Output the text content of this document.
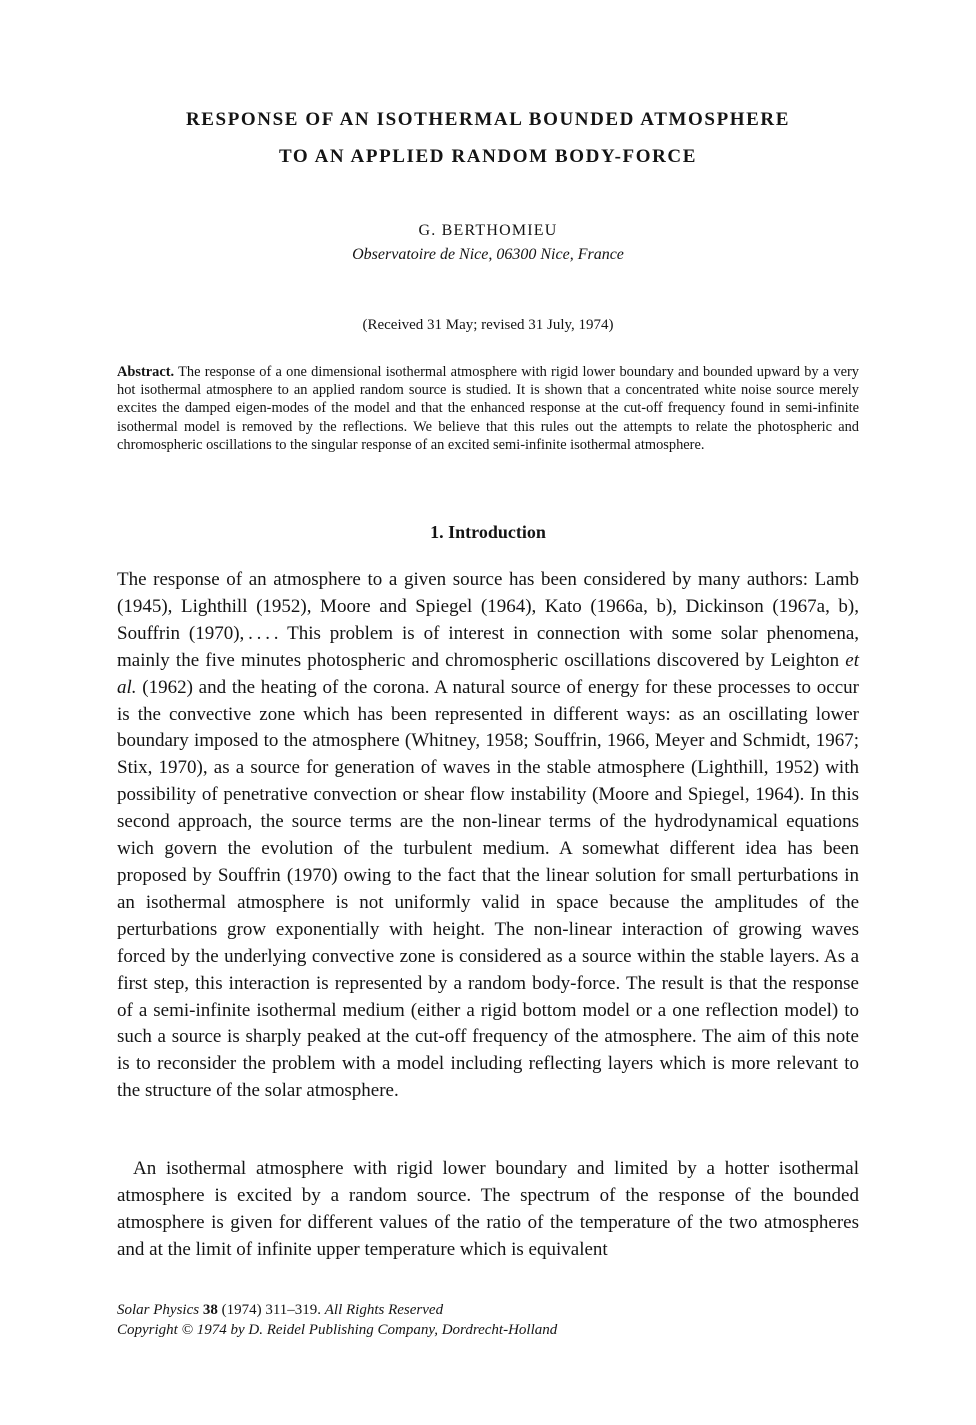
RESPONSE OF AN ISOTHERMAL BOUNDED ATMOSPHERE
TO AN APPLIED RANDOM BODY-FORCE

G. BERTHOMIEU

Observatoire de Nice, 06300 Nice, France

(Received 31 May; revised 31 July, 1974)

Abstract. The response of a one dimensional isothermal atmosphere with rigid lower boundary and bounded upward by a very hot isothermal atmosphere to an applied random source is studied. It is shown that a concentrated white noise source merely excites the damped eigen-modes of the model and that the enhanced response at the cut-off frequency found in semi-infinite isothermal model is removed by the reflections. We believe that this rules out the attempts to relate the photospheric and chromospheric oscillations to the singular response of an excited semi-infinite isothermal atmosphere.

1. Introduction

The response of an atmosphere to a given source has been considered by many authors: Lamb (1945), Lighthill (1952), Moore and Spiegel (1964), Kato (1966a, b), Dickinson (1967a, b), Souffrin (1970), . . . . This problem is of interest in connection with some solar phenomena, mainly the five minutes photospheric and chromospheric oscillations discovered by Leighton et al. (1962) and the heating of the corona. A natural source of energy for these processes to occur is the convective zone which has been represented in different ways: as an oscillating lower boundary imposed to the atmosphere (Whitney, 1958; Souffrin, 1966, Meyer and Schmidt, 1967; Stix, 1970), as a source for generation of waves in the stable atmosphere (Lighthill, 1952) with possibility of penetrative convection or shear flow instability (Moore and Spiegel, 1964). In this second approach, the source terms are the non-linear terms of the hydrodynamical equations wich govern the evolution of the turbulent medium. A somewhat different idea has been proposed by Souffrin (1970) owing to the fact that the linear solution for small perturbations in an isothermal atmosphere is not uniformly valid in space because the amplitudes of the perturbations grow exponentially with height. The non-linear interaction of growing waves forced by the underlying convective zone is considered as a source within the stable layers. As a first step, this interaction is represented by a random body-force. The result is that the response of a semi-infinite isothermal medium (either a rigid bottom model or a one reflection model) to such a source is sharply peaked at the cut-off frequency of the atmosphere. The aim of this note is to reconsider the problem with a model including reflecting layers which is more relevant to the structure of the solar atmosphere.

An isothermal atmosphere with rigid lower boundary and limited by a hotter isothermal atmosphere is excited by a random source. The spectrum of the response of the bounded atmosphere is given for different values of the ratio of the temperature of the two atmospheres and at the limit of infinite upper temperature which is equivalent

Solar Physics 38 (1974) 311–319. All Rights Reserved
Copyright © 1974 by D. Reidel Publishing Company, Dordrecht-Holland
